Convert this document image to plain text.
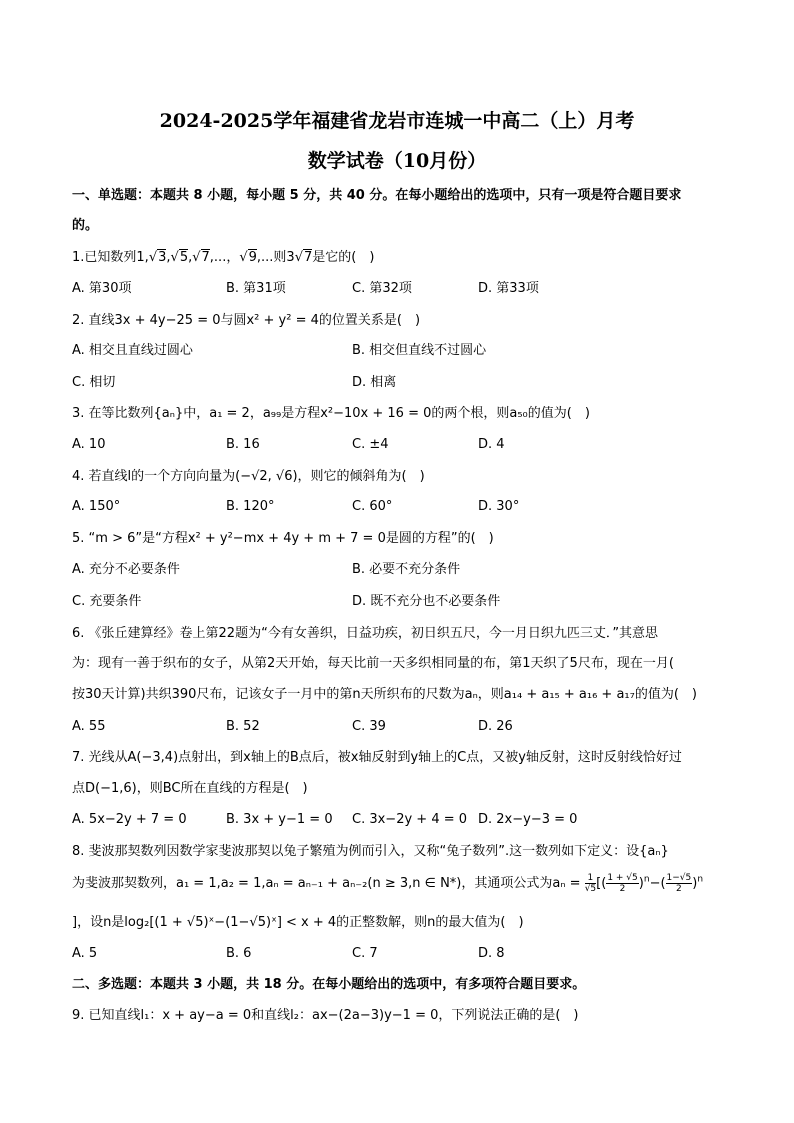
2024-2025学年福建省龙岩市连城一中高二（上）月考
数学试卷（10月份）
一、单选题：本题共 8 小题，每小题 5 分，共 40 分。在每小题给出的选项中，只有一项是符合题目要求
的。
1.已知数列1,√3,√5,√7,...，√9,...则3√7是它的(　)
A. 第30项	B. 第31项	C. 第32项	D. 第33项
2. 直线3x + 4y−25 = 0与圆x² + y² = 4的位置关系是(　)
A. 相交且直线过圆心	B. 相交但直线不过圆心
C. 相切	D. 相离
3. 在等比数列{aₙ}中，a₁ = 2，a₉₉是方程x²−10x + 16 = 0的两个根，则a₅₀的值为(　)
A. 10	B. 16	C. ±4	D. 4
4. 若直线l的一个方向向量为(−√2, √6)，则它的倾斜角为(　)
A. 150°	B. 120°	C. 60°	D. 30°
5. “m > 6”是“方程x² + y²−mx + 4y + m + 7 = 0是圆的方程”的(　)
A. 充分不必要条件	B. 必要不充分条件
C. 充要条件	D. 既不充分也不必要条件
6. 《张丘建算经》卷上第22题为“今有女善织，日益功疾，初日织五尺，今一月日织九匹三丈．”其意思
为：现有一善于织布的女子，从第2天开始，每天比前一天多织相同量的布，第1天织了5尺布，现在一月(
按30天计算)共织390尺布，记该女子一月中的第n天所织布的尺数为aₙ，则a₁₄ + a₁₅ + a₁₆ + a₁₇的值为(　)
A. 55	B. 52	C. 39	D. 26
7. 光线从A(−3,4)点射出，到x轴上的B点后，被x轴反射到y轴上的C点，又被y轴反射，这时反射线恰好过
点D(−1,6)，则BC所在直线的方程是(　)
A. 5x−2y + 7 = 0	B. 3x + y−1 = 0 C. 3x−2y + 4 = 0 D. 2x−y−3 = 0
8. 斐波那契数列因数学家斐波那契以兔子繁殖为例而引入，又称“兔子数列”.这一数列如下定义：设{aₙ}
为斐波那契数列，a₁ = 1,a₂ = 1,aₙ = aₙ₋₁ + aₙ₋₂(n ≥ 3,n ∈ N*)，其通项公式为$a_n = \frac{1}{√5}$ [( $\frac{1 + √5}{2} )^n-( \frac{1-√5}{2} )^n$
]，设n是log₂[(1 + √5)ˣ−(1−√5)ˣ] < x + 4的正整数解，则n的最大值为(　)
A. 5	B. 6	C. 7	D. 8
二、多选题：本题共 3 小题，共 18 分。在每小题给出的选项中，有多项符合题目要求。
9. 已知直线l₁：x + ay−a = 0和直线l₂：ax−(2a−3)y−1 = 0，下列说法正确的是(　)
